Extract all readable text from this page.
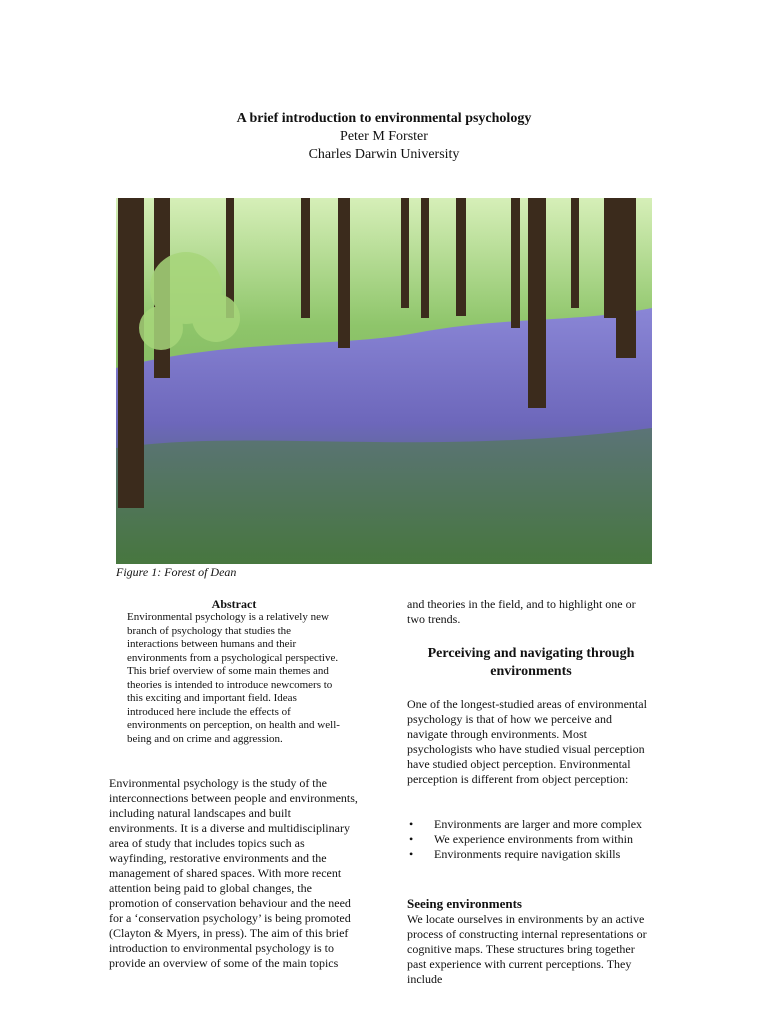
A brief introduction to environmental psychology
Peter M Forster
Charles Darwin University
Figure 1: Forest of Dean
Abstract
Environmental psychology is a relatively new branch of psychology that studies the interactions between humans and their environments from a psychological perspective. This brief overview of some main themes and theories is intended to introduce newcomers to this exciting and important field. Ideas introduced here include the effects of environments on perception, on health and well-being and on crime and aggression.
Environmental psychology is the study of the interconnections between people and environments, including natural landscapes and built environments. It is a diverse and multidisciplinary area of study that includes topics such as wayfinding, restorative environments and the management of shared spaces. With more recent attention being paid to global changes, the promotion of conservation behaviour and the need for a ‘conservation psychology’ is being promoted (Clayton & Myers, in press). The aim of this brief introduction to environmental psychology is to provide an overview of some of the main topics
and theories in the field, and to highlight one or two trends.
Perceiving and navigating through environments
One of the longest-studied areas of environmental psychology is that of how we perceive and navigate through environments. Most psychologists who have studied visual perception have studied object perception. Environmental perception is different from object perception:
• Environments are larger and more complex
• We experience environments from within
• Environments require navigation skills
Seeing environments
We locate ourselves in environments by an active process of constructing internal representations or cognitive maps. These structures bring together past experience with current perceptions. They include
